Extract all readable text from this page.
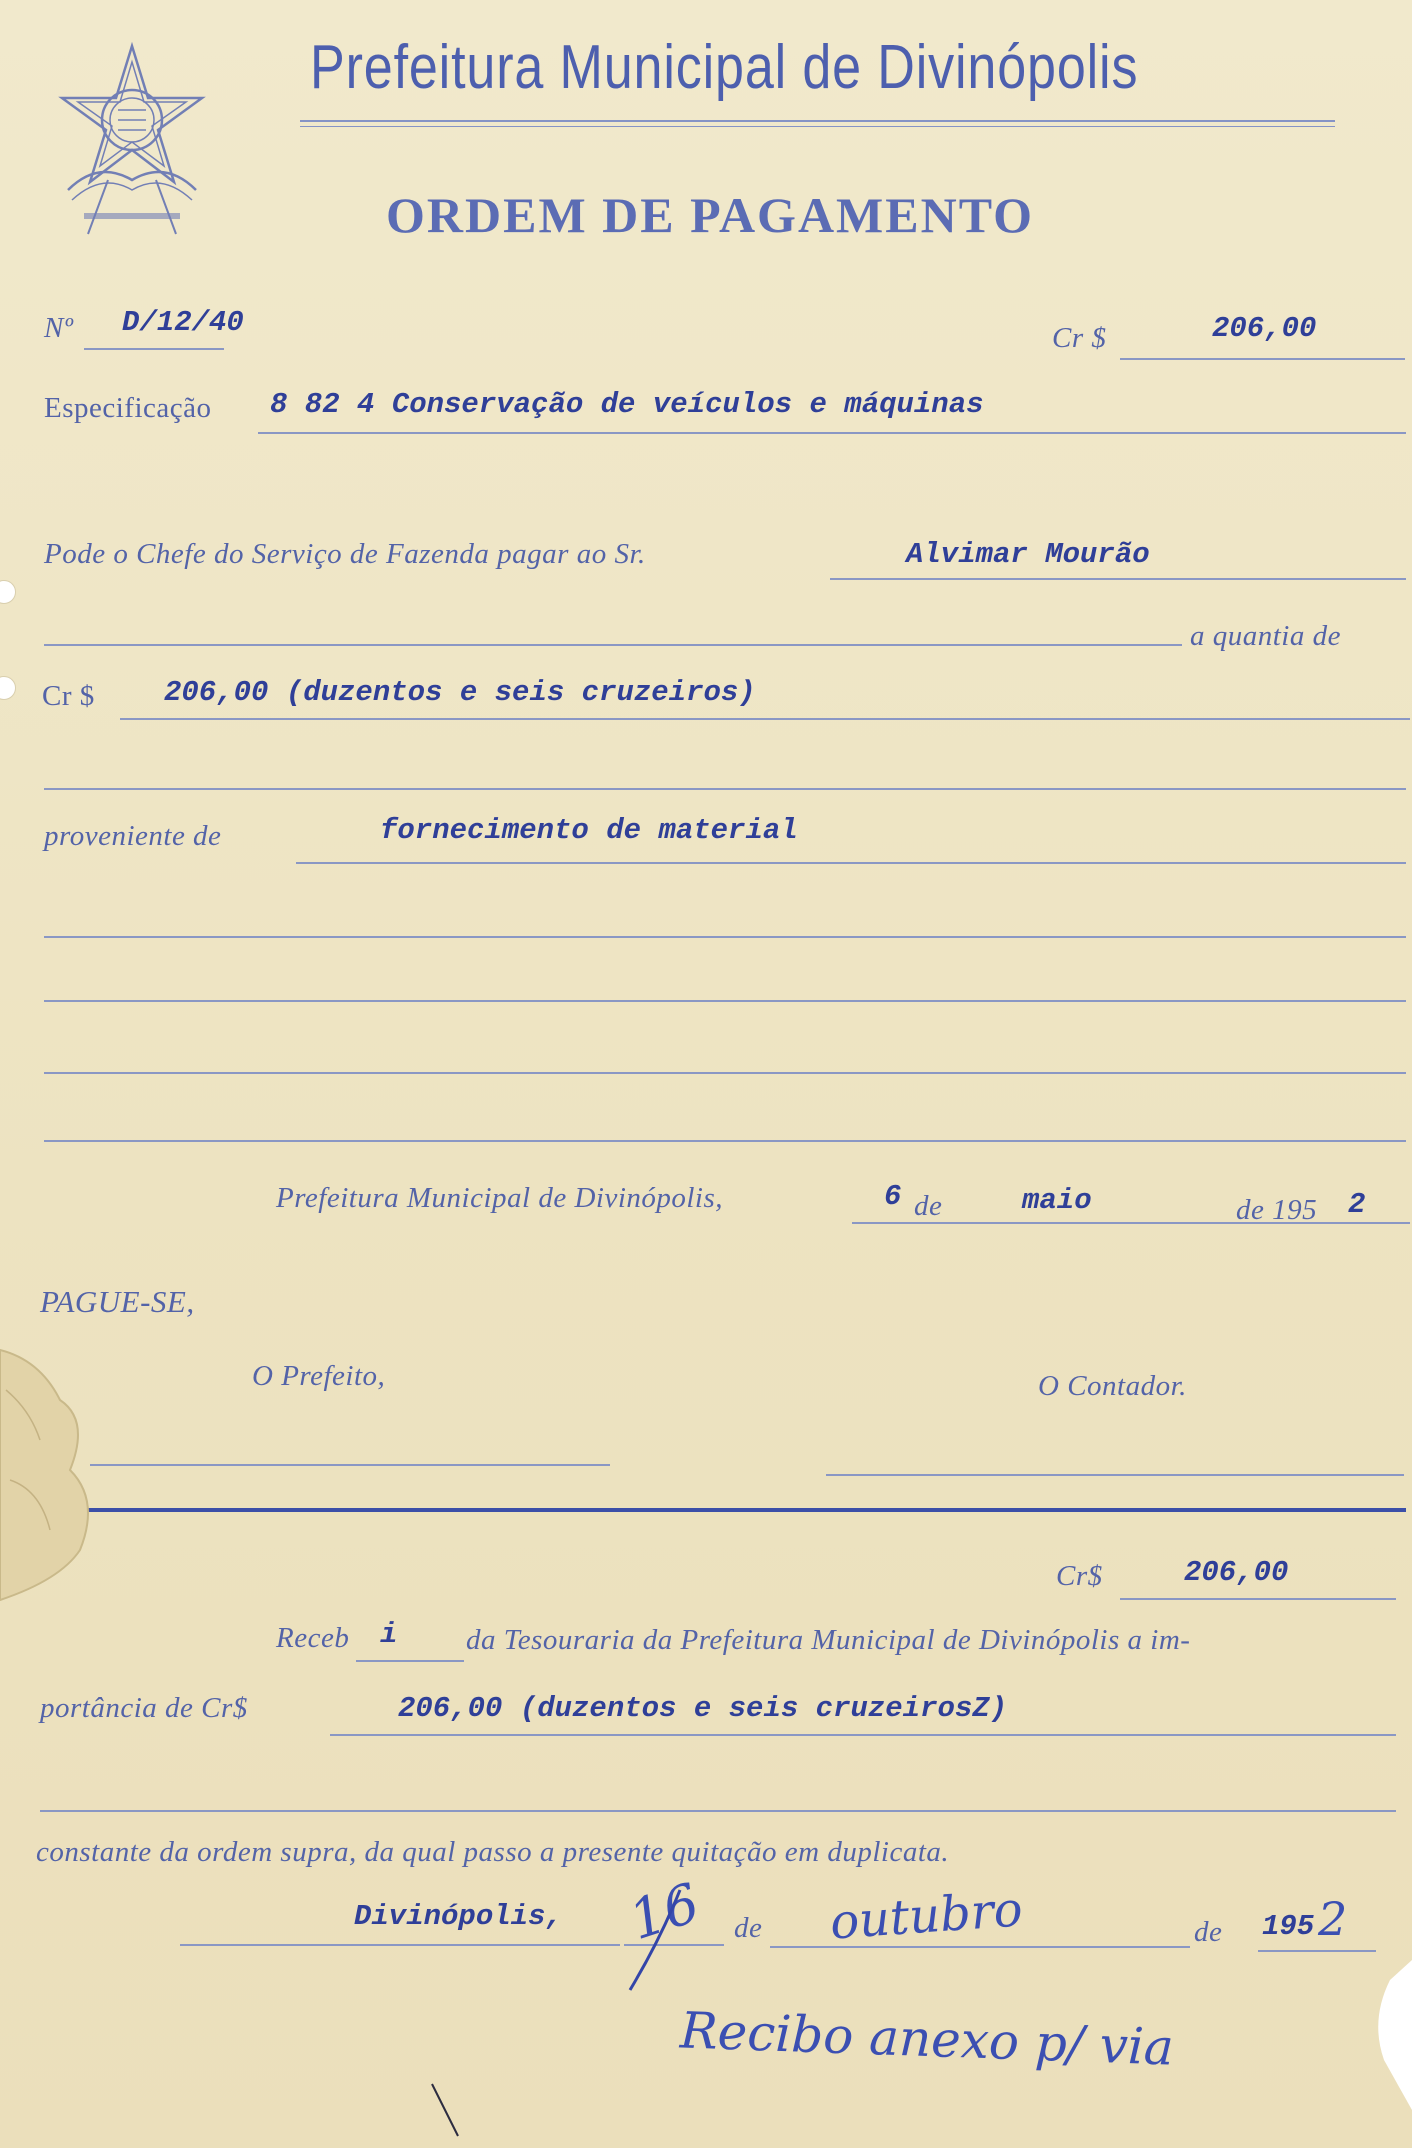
Prefeitura Municipal de Divinópolis
ORDEM DE PAGAMENTO
Nº D/12/40	Cr $	206,00
Especificação 8 82 4 Conservação de veículos e máquinas
Pode o Chefe do Serviço de Fazenda pagar ao Sr.	Alvimar Mourão
a quantia de
Cr $ 206,00 (duzentos e seis cruzeiros)
proveniente de	fornecimento de material
Prefeitura Municipal de Divinópolis,	6 de	maio	de 195 2
PAGUE-SE,
O Prefeito,	O Contador.
Cr$	206,00
Receb i da Tesouraria da Prefeitura Municipal de Divinópolis a im-
portância de Cr$	206,00 (duzentos e seis cruzeirosZ)
constante da ordem supra, da qual passo a presente quitação em duplicata.
Divinópolis, 16 de outubro	de 195 2
Recibo anexo p/ via
